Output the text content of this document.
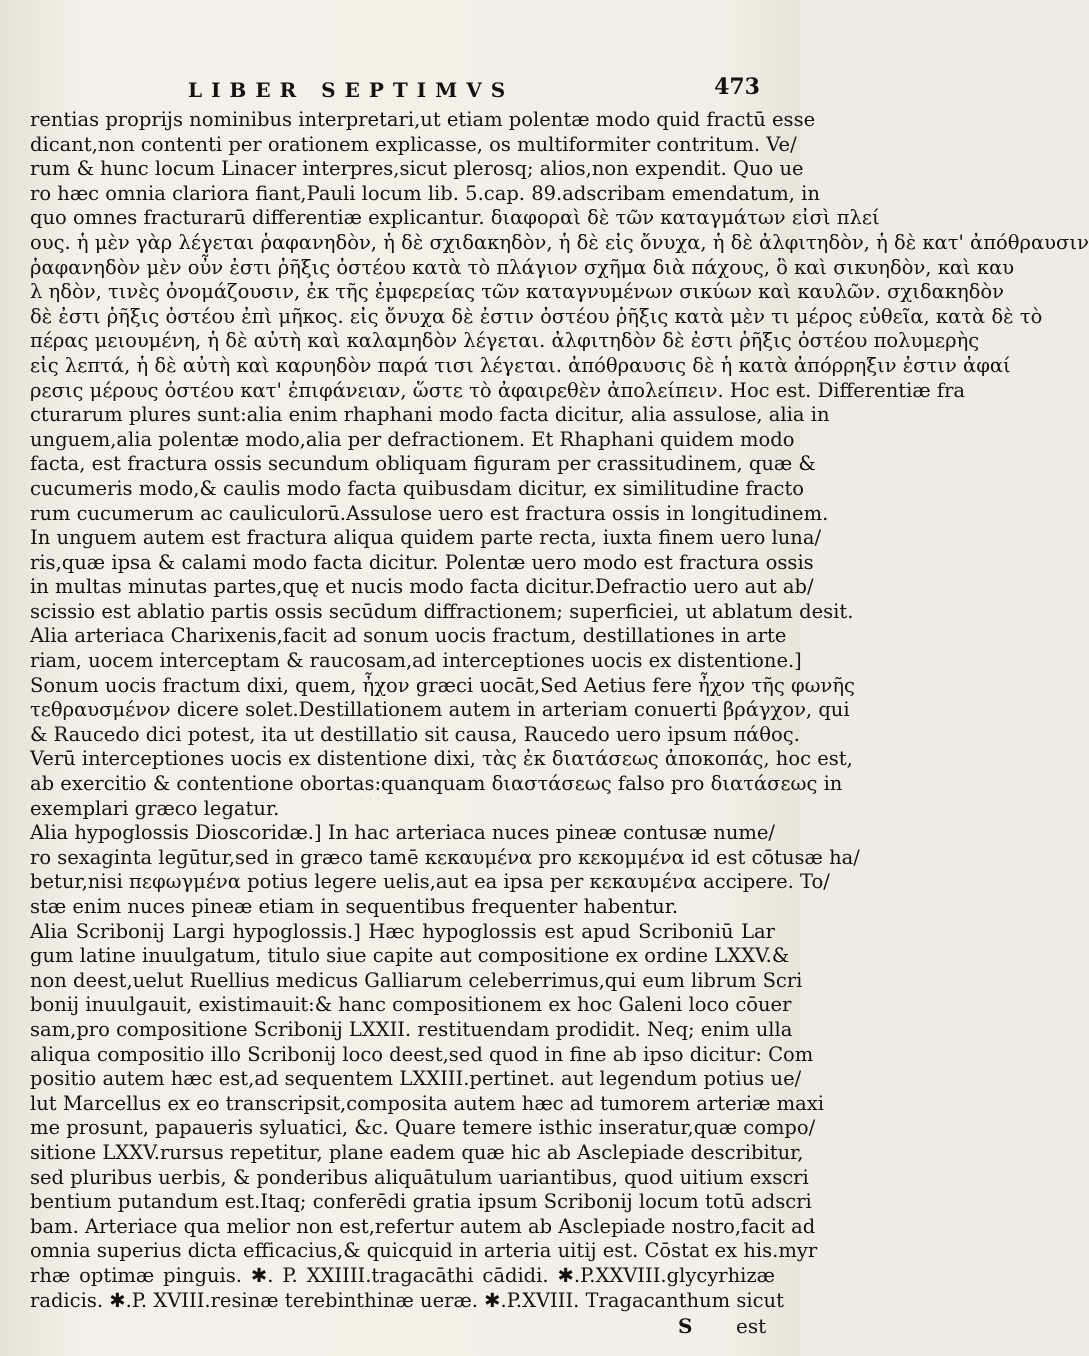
LIBER SEPTIMVS	473
rentias proprijs nominibus interpretari,ut etiam polentæ modo quid fractū esse
dicant,non contenti per orationem explicasse, os multiformiter contritum. Ve/
rum & hunc locum Linacer interpres,sicut plerosq; alios,non expendit. Quo ue
ro hæc omnia clariora fiant,Pauli locum lib. 5.cap. 89.adscribam emendatum, in
quo omnes fracturarū differentiæ explicantur. διαφοραὶ δὲ τῶν καταγμάτων εἰσὶ πλεί
ους. ἡ μὲν γὰρ λέγεται ῥαφανηδὸν, ἡ δὲ σχιδακηδὸν, ἡ δὲ εἰς ὄνυχα, ἡ δὲ ἀλφιτηδὸν, ἡ δὲ κατ' ἀπόθραυσιν
ῥαφανηδὸν μὲν οὖν ἐστι ῥῆξις ὀστέου κατὰ τὸ πλάγιον σχῆμα διὰ πάχους, ὃ καὶ σικυηδὸν, καὶ καυ
λ ηδὸν, τινὲς ὀνομάζουσιν, ἐκ τῆς ἐμφερείας τῶν καταγνυμένων σικύων καὶ καυλῶν. σχιδακηδὸν
δὲ ἐστι ῥῆξις ὀστέου ἐπὶ μῆκος. εἰς ὄνυχα δὲ ἐστιν ὀστέου ῥῆξις κατὰ μὲν τι μέρος εὐθεῖα, κατὰ δὲ τὸ
πέρας μειουμένη, ἡ δὲ αὐτὴ καὶ καλαμηδὸν λέγεται. ἀλφιτηδὸν δὲ ἐστι ῥῆξις ὀστέου πολυμερὴς
εἰς λεπτά, ἡ δὲ αὐτὴ καὶ καρυηδὸν παρά τισι λέγεται. ἀπόθραυσις δὲ ἡ κατὰ ἀπόρρηξιν ἐστιν ἀφαί
ρεσις μέρους ὀστέου κατ' ἐπιφάνειαν, ὥστε τὸ ἀφαιρεθὲν ἀπολείπειν. Hoc est. Differentiæ fra
cturarum plures sunt:alia enim rhaphani modo facta dicitur, alia assulose, alia in
unguem,alia polentæ modo,alia per defractionem. Et Rhaphani quidem modo
facta, est fractura ossis secundum obliquam figuram per crassitudinem, quæ &
cucumeris modo,& caulis modo facta quibusdam dicitur, ex similitudine fracto
rum cucumerum ac cauliculorū.Assulose uero est fractura ossis in longitudinem.
In unguem autem est fractura aliqua quidem parte recta, iuxta finem uero luna/
ris,quæ ipsa & calami modo facta dicitur. Polentæ uero modo est fractura ossis
in multas minutas partes,quę et nucis modo facta dicitur.Defractio uero aut ab/
scissio est ablatio partis ossis secūdum diffractionem; superficiei, ut ablatum desit.
Alia arteriaca Charixenis,facit ad sonum uocis fractum, destillationes in arte
riam, uocem interceptam & raucosam,ad interceptiones uocis ex distentione.]
Sonum uocis fractum dixi, quem, ἦχον græci uocāt,Sed Aetius fere ἦχον τῆς φωνῆς
τεθραυσμένον dicere solet.Destillationem autem in arteriam conuerti βράγχον, qui
& Raucedo dici potest, ita ut destillatio sit causa, Raucedo uero ipsum πάθος.
Verū interceptiones uocis ex distentione dixi, τὰς ἐκ διατάσεως ἀποκοπάς, hoc est,
ab exercitio & contentione obortas:quanquam διαστάσεως falso pro διατάσεως in
exemplari græco legatur.
Alia hypoglossis Dioscoridæ.] In hac arteriaca nuces pineæ contusæ nume/
ro sexaginta legūtur,sed in græco tamē κεκαυμένα pro κεκομμένα id est cōtusæ ha/
betur,nisi πεφωγμένα potius legere uelis,aut ea ipsa per κεκαυμένα accipere. To/
stæ enim nuces pineæ etiam in sequentibus frequenter habentur.
Alia Scribonij Largi hypoglossis.] Hæc hypoglossis est apud Scriboniū Lar
gum latine inuulgatum, titulo siue capite aut compositione ex ordine LXXV.&
non deest,uelut Ruellius medicus Galliarum celeberrimus,qui eum librum Scri
bonij inuulgauit, existimauit:& hanc compositionem ex hoc Galeni loco cōuer
sam,pro compositione Scribonij LXXII. restituendam prodidit. Neq; enim ulla
aliqua compositio illo Scribonij loco deest,sed quod in fine ab ipso dicitur: Com
positio autem hæc est,ad sequentem LXXIII.pertinet. aut legendum potius ue/
lut Marcellus ex eo transcripsit,composita autem hæc ad tumorem arteriæ maxi
me prosunt, papaueris syluatici, &c. Quare temere isthic inseratur,quæ compo/
sitione LXXV.rursus repetitur, plane eadem quæ hic ab Asclepiade describitur,
sed pluribus uerbis, & ponderibus aliquātulum uariantibus, quod uitium exscri
bentium putandum est.Itaq; conferēdi gratia ipsum Scribonij locum totū adscri
bam. Arteriace qua melior non est,refertur autem ab Asclepiade nostro,facit ad
omnia superius dicta efficacius,& quicquid in arteria uitij est. Cōstat ex his.myr
rhæ optimæ pinguis. ✱. P. XXIIII.tragacāthi cādidi. ✱.P.XXVIII.glycyrhizæ
radicis. ✱.P. XVIII.resinæ terebinthinæ ueræ. ✱.P.XVIII. Tragacanthum sicut
· · ·
S est
